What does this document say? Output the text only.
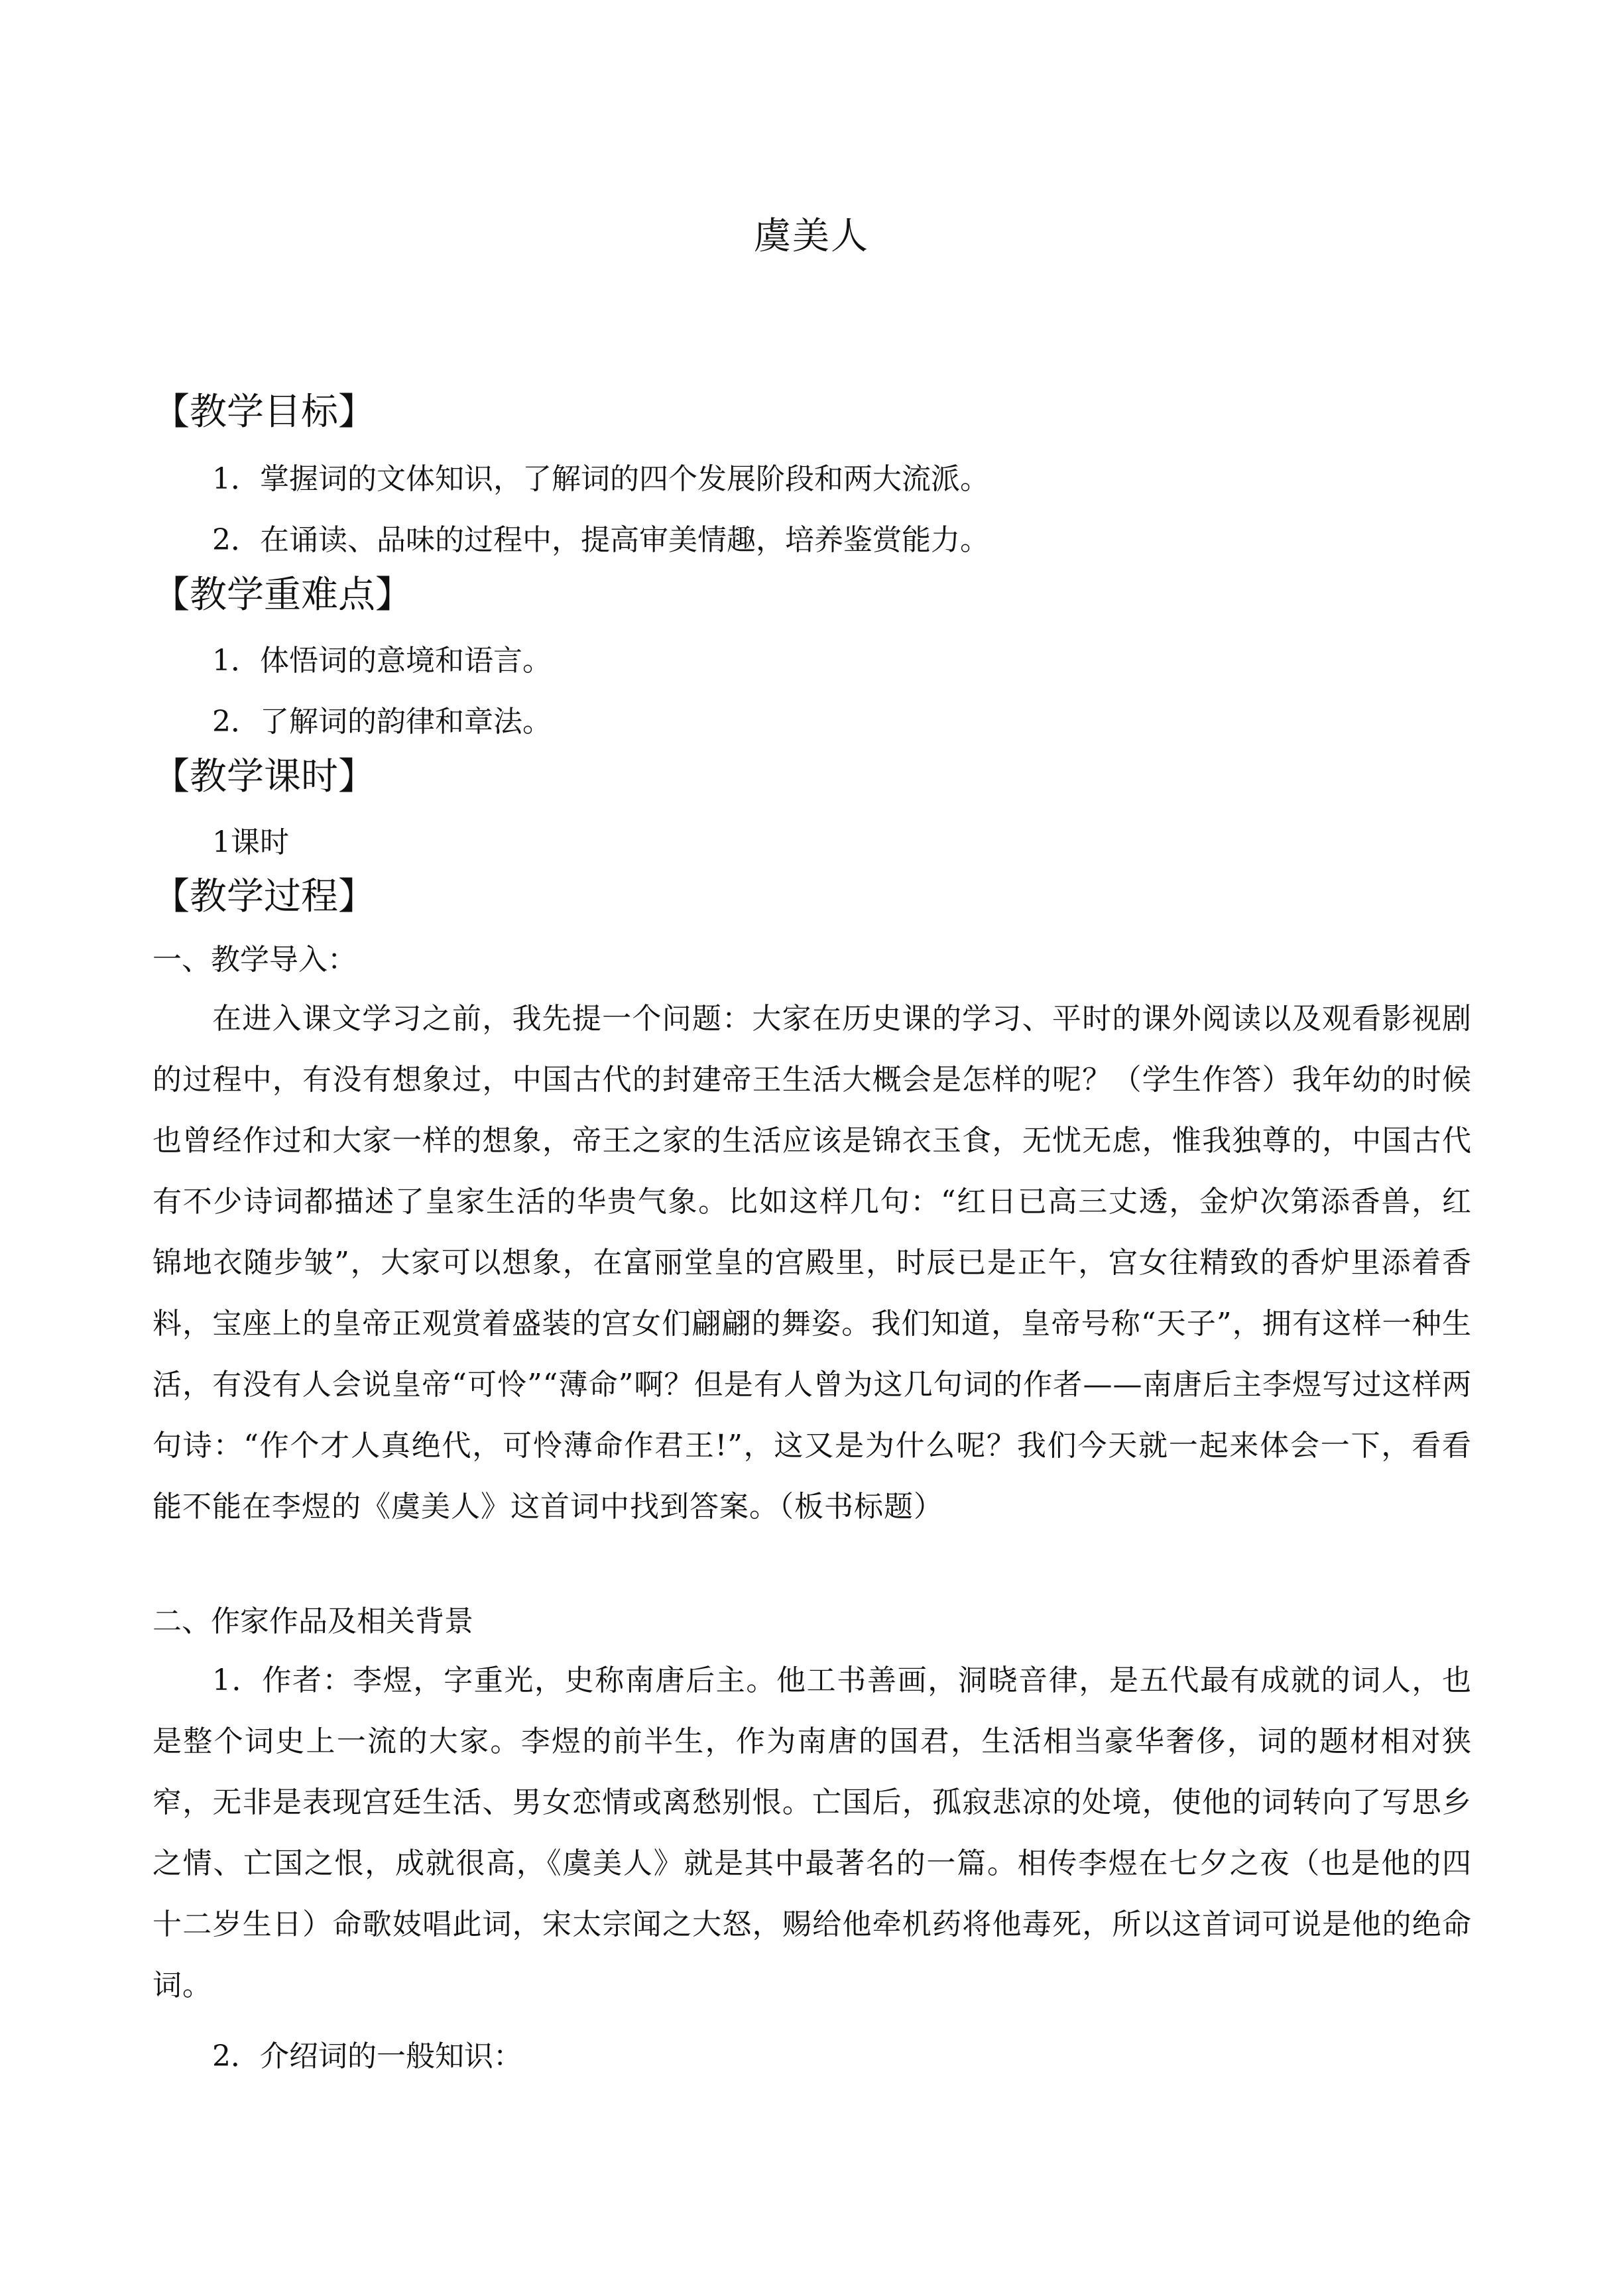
虞美人
【教学目标】
1．掌握词的文体知识，了解词的四个发展阶段和两大流派。
2．在诵读、品味的过程中，提高审美情趣，培养鉴赏能力。
【教学重难点】
1．体悟词的意境和语言。
2．了解词的韵律和章法。
【教学课时】
1课时
【教学过程】
一、教学导入：
在进入课文学习之前，我先提一个问题：大家在历史课的学习、平时的课外阅读以及观看影视剧的过程中，有没有想象过，中国古代的封建帝王生活大概会是怎样的呢？（学生作答）我年幼的时候也曾经作过和大家一样的想象，帝王之家的生活应该是锦衣玉食，无忧无虑，惟我独尊的，中国古代有不少诗词都描述了皇家生活的华贵气象。比如这样几句：“红日已高三丈透，金炉次第添香兽，红锦地衣随步皱”，大家可以想象，在富丽堂皇的宫殿里，时辰已是正午，宫女往精致的香炉里添着香料，宝座上的皇帝正观赏着盛装的宫女们翩翩的舞姿。我们知道，皇帝号称“天子”，拥有这样一种生活，有没有人会说皇帝“可怜”“薄命”啊？但是有人曾为这几句词的作者——南唐后主李煜写过这样两句诗：“作个才人真绝代，可怜薄命作君王!”，这又是为什么呢？我们今天就一起来体会一下，看看能不能在李煜的《虞美人》这首词中找到答案。（板书标题）
二、作家作品及相关背景
1．作者：李煜，字重光，史称南唐后主。他工书善画，洞晓音律，是五代最有成就的词人，也是整个词史上一流的大家。李煜的前半生，作为南唐的国君，生活相当豪华奢侈，词的题材相对狭窄，无非是表现宫廷生活、男女恋情或离愁别恨。亡国后，孤寂悲凉的处境，使他的词转向了写思乡之情、亡国之恨，成就很高，《虞美人》就是其中最著名的一篇。相传李煜在七夕之夜（也是他的四十二岁生日）命歌妓唱此词，宋太宗闻之大怒，赐给他牵机药将他毒死，所以这首词可说是他的绝命词。
2．介绍词的一般知识：
